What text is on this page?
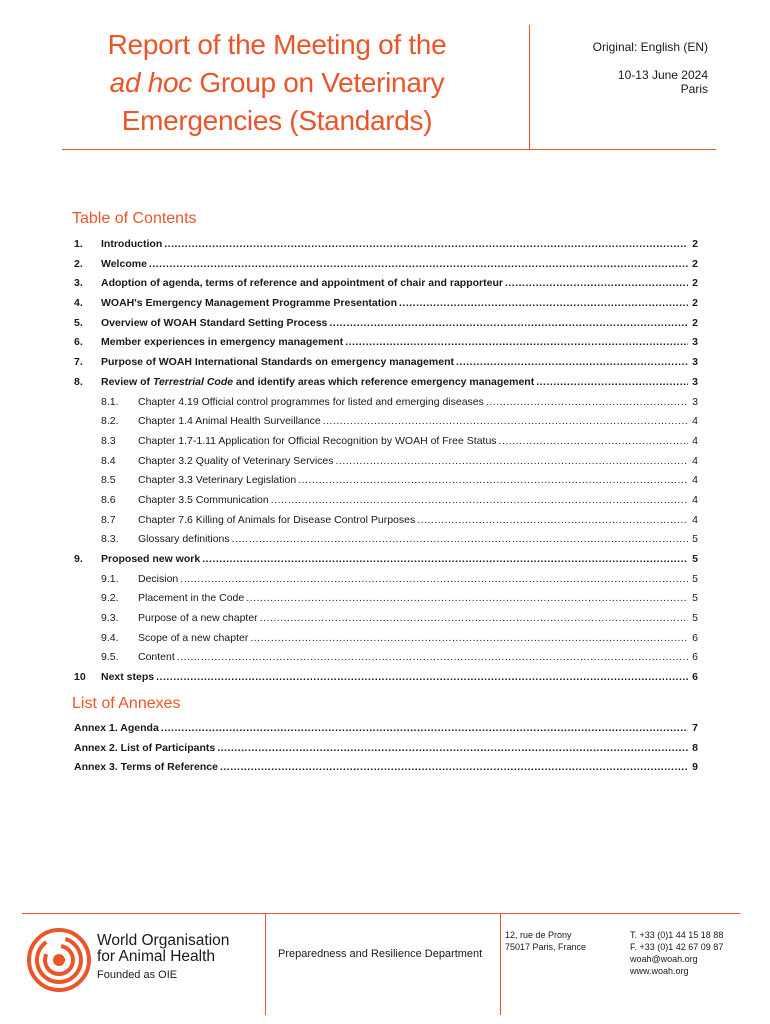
Report of the Meeting of the
ad hoc Group on Veterinary
Emergencies (Standards)
Original: English (EN)
10-13 June 2024
Paris
Table of Contents
1.	Introduction .....	2
2.	Welcome .....	2
3.	Adoption of agenda, terms of reference and appointment of chair and rapporteur .....	2
4.	WOAH's Emergency Management Programme Presentation .....	2
5.	Overview of WOAH Standard Setting Process .....	2
6.	Member experiences in emergency management .....	3
7.	Purpose of WOAH International Standards on emergency management .....	3
8.	Review of Terrestrial Code and identify areas which reference emergency management .....	3
8.1.	Chapter 4.19 Official control programmes for listed and emerging diseases .....	3
8.2.	Chapter 1.4 Animal Health Surveillance .....	4
8.3	Chapter 1.7-1.11 Application for Official Recognition by WOAH of Free Status .....	4
8.4	Chapter 3.2 Quality of Veterinary Services .....	4
8.5	Chapter 3.3 Veterinary Legislation .....	4
8.6	Chapter 3.5 Communication .....	4
8.7	Chapter 7.6 Killing of Animals for Disease Control Purposes .....	4
8.3.	Glossary definitions .....	5
9.	Proposed new work .....	5
9.1.	Decision .....	5
9.2.	Placement in the Code .....	5
9.3.	Purpose of a new chapter .....	5
9.4.	Scope of a new chapter .....	6
9.5.	Content .....	6
10	Next steps .....	6
List of Annexes
Annex 1. Agenda .....	7
Annex 2. List of Participants .....	8
Annex 3. Terms of Reference .....	9
World Organisation
for Animal Health
Founded as OIE
Preparedness and Resilience Department
12, rue de Prony
75017 Paris, France
T. +33 (0)1 44 15 18 88
F. +33 (0)1 42 67 09 87
woah@woah.org
www.woah.org
